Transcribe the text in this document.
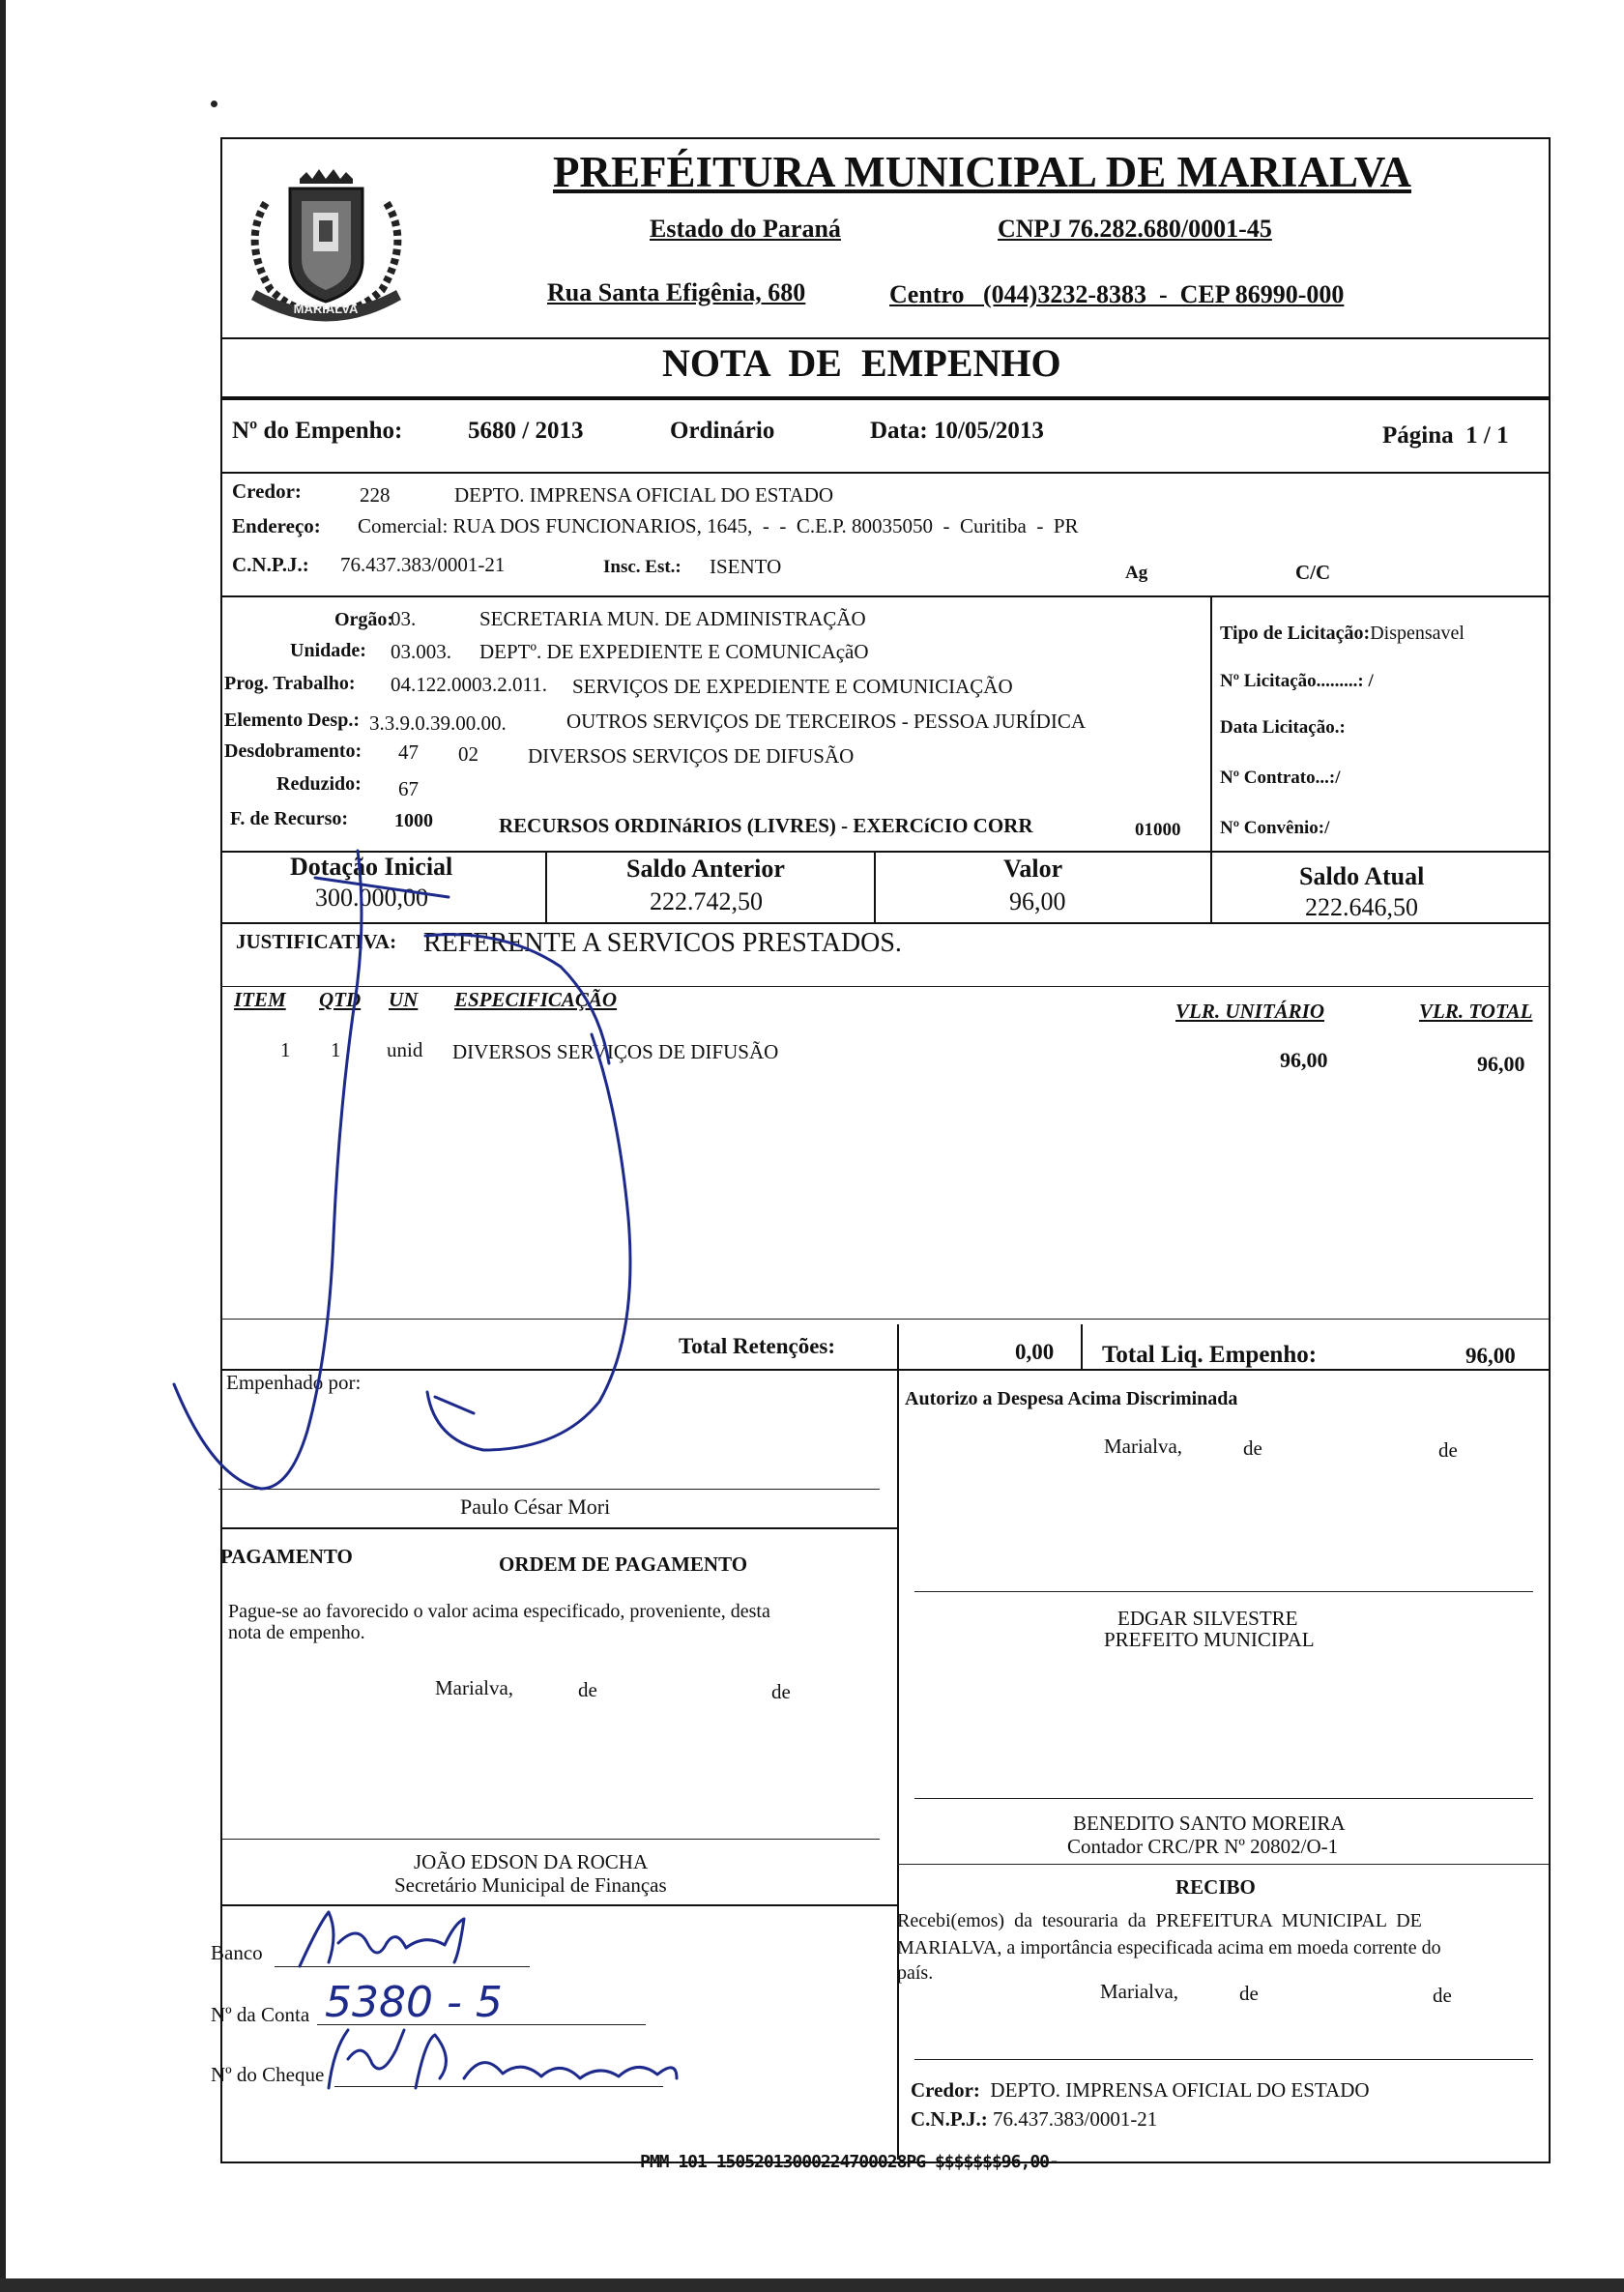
MARIALVA
PREFÉITURA MUNICIPAL DE MARIALVA
Estado do Paraná	CNPJ 76.282.680/0001-45
Rua Santa Efigênia, 680	Centro   (044)3232-8383  -  CEP 86990-000
NOTA  DE  EMPENHO
Nº do Empenho:	5680 / 2013	Ordinário	Data: 10/05/2013	Página  1 / 1
Credor:	228	DEPTO. IMPRENSA OFICIAL DO ESTADO
Endereço: Comercial: RUA DOS FUNCIONARIOS, 1645,  -  -  C.E.P. 80035050  -  Curitiba  -  PR
C.N.P.J.: 76.437.383/0001-21	Insc. Est.: ISENTO	Ag	C/C
Orgão:
03.	SECRETARIA MUN. DE ADMINISTRAÇÃO
Unidade: 03.003. DEPTº. DE EXPEDIENTE E COMUNICAçãO
Prog. Trabalho: 04.122.0003.2.011. SERVIÇOS DE EXPEDIENTE E COMUNICIAÇÃO
Elemento Desp.: 3.3.9.0.39.00.00.	OUTROS SERVIÇOS DE TERCEIROS - PESSOA JURÍDICA
Desdobramento: 47 02 DIVERSOS SERVIÇOS DE DIFUSÃO
Reduzido: 67
F. de Recurso: 1000	RECURSOS ORDINáRIOS (LIVRES) - EXERCíCIO CORR	01000
Tipo de Licitação:Dispensavel
Nº Licitação.........: /
Data Licitação.:
Nº Contrato...:/
Nº Convênio:/
Dotação Inicial
300.000,00
Saldo Anterior
222.742,50
Valor
96,00
Saldo Atual
222.646,50
JUSTIFICATIVA: REFERENTE A SERVICOS PRESTADOS.
ITEM QTD UN ESPECIFICAÇÃO	VLR. UNITÁRIO	VLR. TOTAL
1 1 unid DIVERSOS SERVIÇOS DE DIFUSÃO	96,00	96,00
Total Retenções:	0,00 Total Liq. Empenho:	96,00
Empenhado por:
Paulo César Mori
Autorizo a Despesa Acima Discriminada
Marialva,	de	de
PAGAMENTO	ORDEM DE PAGAMENTO
Pague-se ao favorecido o valor acima especificado, proveniente, desta
nota de empenho.
Marialva,	de	de
EDGAR SILVESTRE
PREFEITO MUNICIPAL
JOÃO EDSON DA ROCHA
Secretário Municipal de Finanças
BENEDITO SANTO MOREIRA
Contador CRC/PR Nº 20802/O-1
RECIBO
Recebi(emos)  da  tesouraria  da  PREFEITURA  MUNICIPAL  DE
MARIALVA, a importância especificada acima em moeda corrente do
país.
Marialva,	de	de
Banco
Nº da Conta
Nº do Cheque
Credor: DEPTO. IMPRENSA OFICIAL DO ESTADO
C.N.P.J.: 76.437.383/0001-21
PMM 101 15052013000224700028PG $$$$$$$96,00-
5380 - 5
